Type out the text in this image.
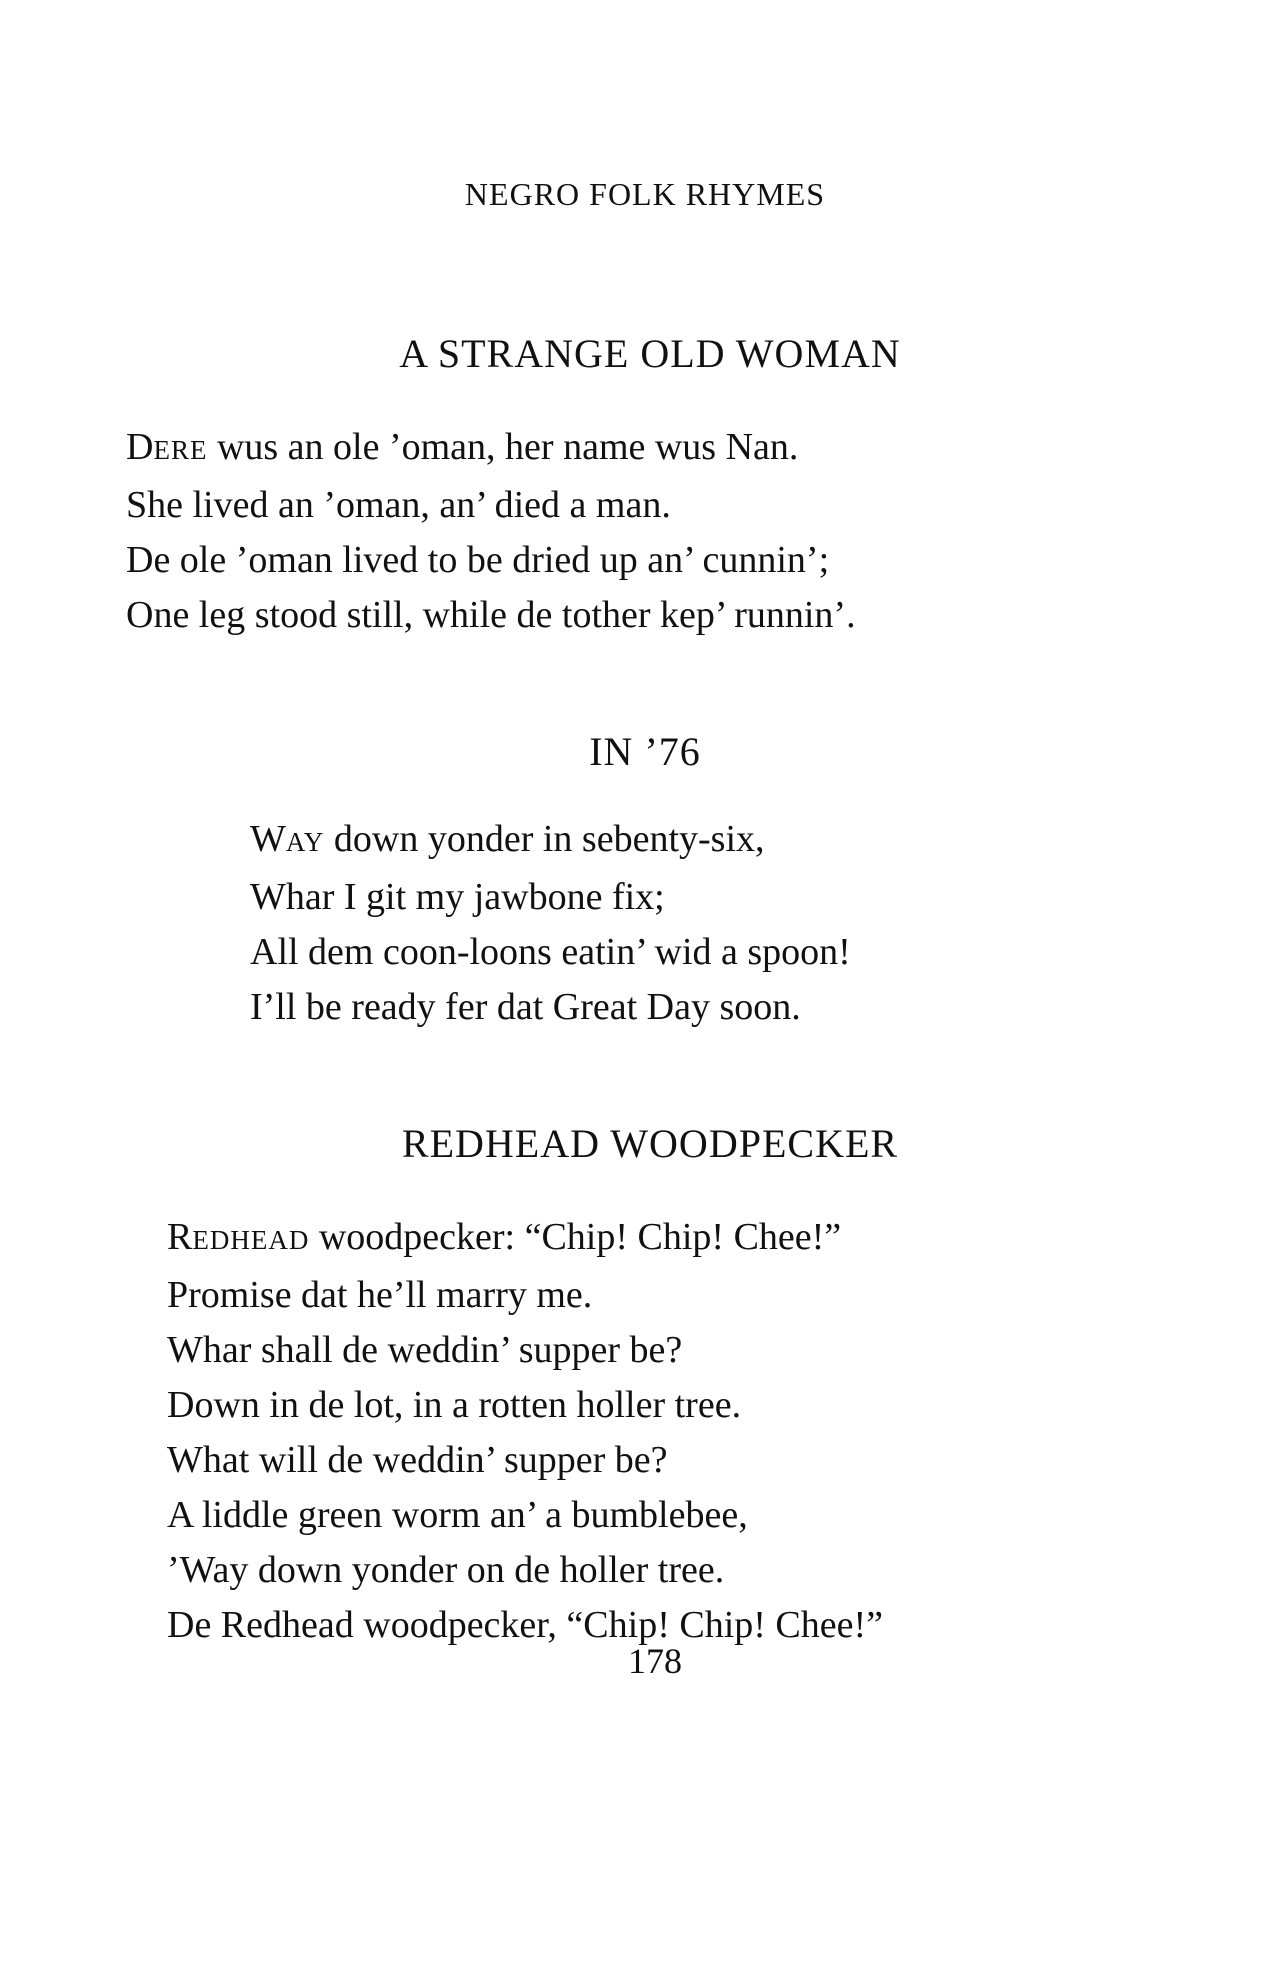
NEGRO FOLK RHYMES
A STRANGE OLD WOMAN
DERE wus an ole ’oman, her name wus Nan.
She lived an ’oman, an’ died a man.
De ole ’oman lived to be dried up an’ cunnin’;
One leg stood still, while de tother kep’ runnin’.
IN ’76
WAY down yonder in sebenty-six,
Whar I git my jawbone fix;
All dem coon-loons eatin’ wid a spoon!
I’ll be ready fer dat Great Day soon.
REDHEAD WOODPECKER
REDHEAD woodpecker: “Chip! Chip! Chee!”
Promise dat he’ll marry me.
Whar shall de weddin’ supper be?
Down in de lot, in a rotten holler tree.
What will de weddin’ supper be?
A liddle green worm an’ a bumblebee,
’Way down yonder on de holler tree.
De Redhead woodpecker, “Chip! Chip! Chee!”
178
